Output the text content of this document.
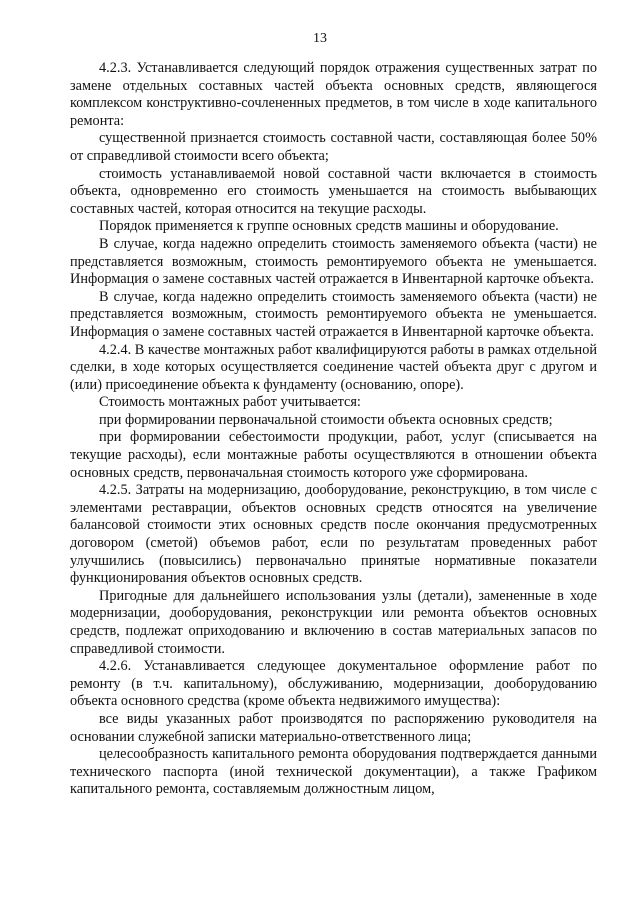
13

4.2.3. Устанавливается следующий порядок отражения существенных затрат по замене отдельных составных частей объекта основных средств, являющегося комплексом конструктивно-сочлененных предметов, в том числе в ходе капитального ремонта:

существенной признается стоимость составной части, составляющая более 50% от справедливой стоимости всего объекта;

стоимость устанавливаемой новой составной части включается в стоимость объекта, одновременно его стоимость уменьшается на стоимость выбывающих составных частей, которая относится на текущие расходы.

Порядок применяется к группе основных средств машины и оборудование.

В случае, когда надежно определить стоимость заменяемого объекта (части) не представляется возможным, стоимость ремонтируемого объекта не уменьшается. Информация о замене составных частей отражается в Инвентарной карточке объекта.

В случае, когда надежно определить стоимость заменяемого объекта (части) не представляется возможным, стоимость ремонтируемого объекта не уменьшается. Информация о замене составных частей отражается в Инвентарной карточке объекта.

4.2.4. В качестве монтажных работ квалифицируются работы в рамках отдельной сделки, в ходе которых осуществляется соединение частей объекта друг с другом и (или) присоединение объекта к фундаменту (основанию, опоре).

Стоимость монтажных работ учитывается:

при формировании первоначальной стоимости объекта основных средств;

при формировании себестоимости продукции, работ, услуг (списывается на текущие расходы), если монтажные работы осуществляются в отношении объекта основных средств, первоначальная стоимость которого уже сформирована.

4.2.5. Затраты на модернизацию, дооборудование, реконструкцию, в том числе с элементами реставрации, объектов основных средств относятся на увеличение балансовой стоимости этих основных средств после окончания предусмотренных договором (сметой) объемов работ, если по результатам проведенных работ улучшились (повысились) первоначально принятые нормативные показатели функционирования объектов основных средств.

Пригодные для дальнейшего использования узлы (детали), замененные в ходе модернизации, дооборудования, реконструкции или ремонта объектов основных средств, подлежат оприходованию и включению в состав материальных запасов по справедливой стоимости.

4.2.6. Устанавливается следующее документальное оформление работ по ремонту (в т.ч. капитальному), обслуживанию, модернизации, дооборудованию объекта основного средства (кроме объекта недвижимого имущества):

все виды указанных работ производятся по распоряжению руководителя на основании служебной записки материально-ответственного лица;

целесообразность капитального ремонта оборудования подтверждается данными технического паспорта (иной технической документации), а также Графиком капитального ремонта, составляемым должностным лицом,
